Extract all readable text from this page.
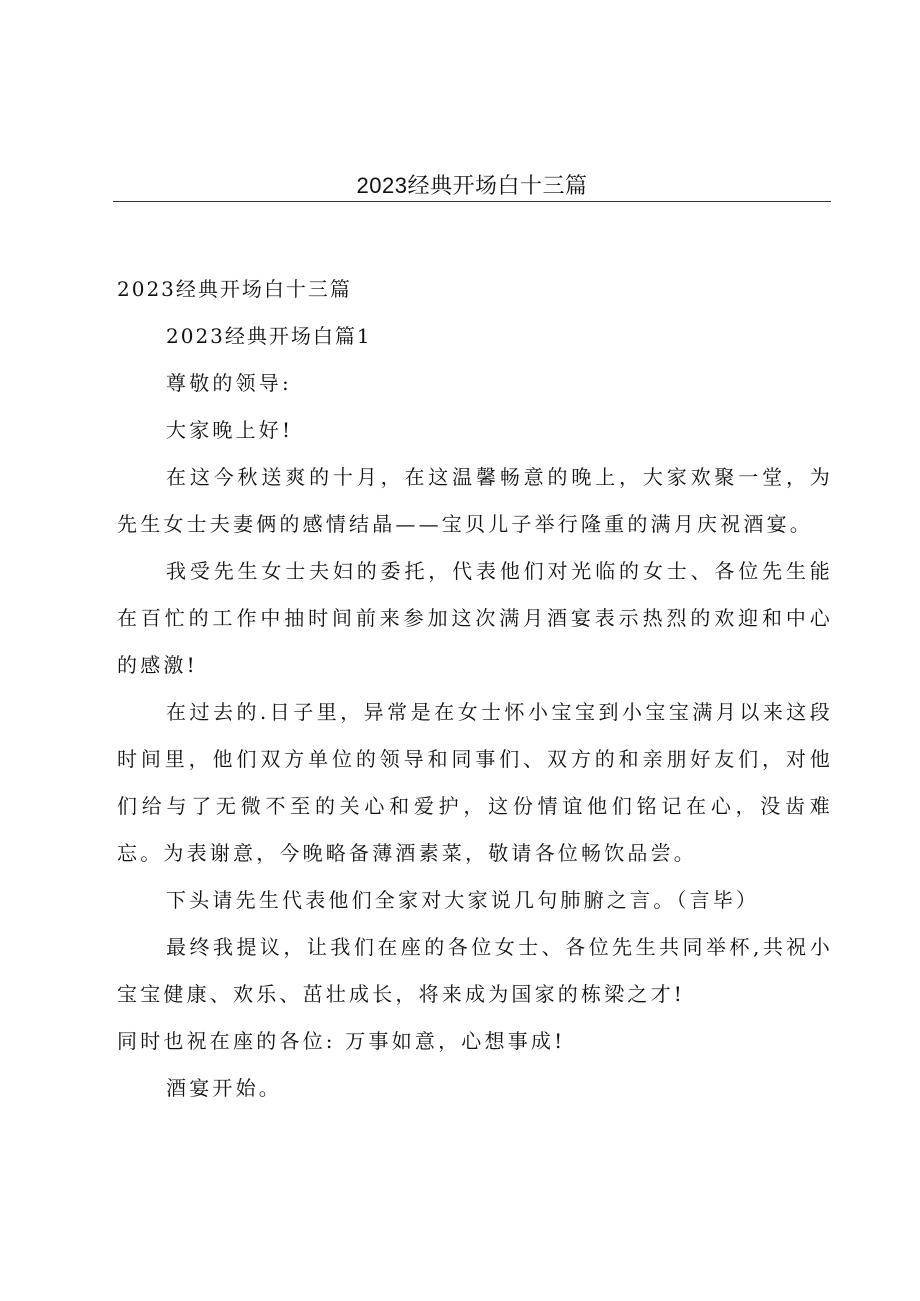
2023经典开场白十三篇

2023经典开场白十三篇

2023经典开场白篇1

尊敬的领导:

大家晚上好!

在这今秋送爽的十月，在这温馨畅意的晚上，大家欢聚一堂，为先生女士夫妻俩的感情结晶——宝贝儿子举行隆重的满月庆祝酒宴。

我受先生女士夫妇的委托，代表他们对光临的女士、各位先生能在百忙的工作中抽时间前来参加这次满月酒宴表示热烈的欢迎和中心的感激!

在过去的.日子里，异常是在女士怀小宝宝到小宝宝满月以来这段时间里，他们双方单位的领导和同事们、双方的和亲朋好友们，对他们给与了无微不至的关心和爱护，这份情谊他们铭记在心，没齿难忘。为表谢意，今晚略备薄酒素菜，敬请各位畅饮品尝。

下头请先生代表他们全家对大家说几句肺腑之言。（言毕）

最终我提议，让我们在座的各位女士、各位先生共同举杯,共祝小宝宝健康、欢乐、茁壮成长，将来成为国家的栋梁之才!

同时也祝在座的各位: 万事如意，心想事成!

酒宴开始。
